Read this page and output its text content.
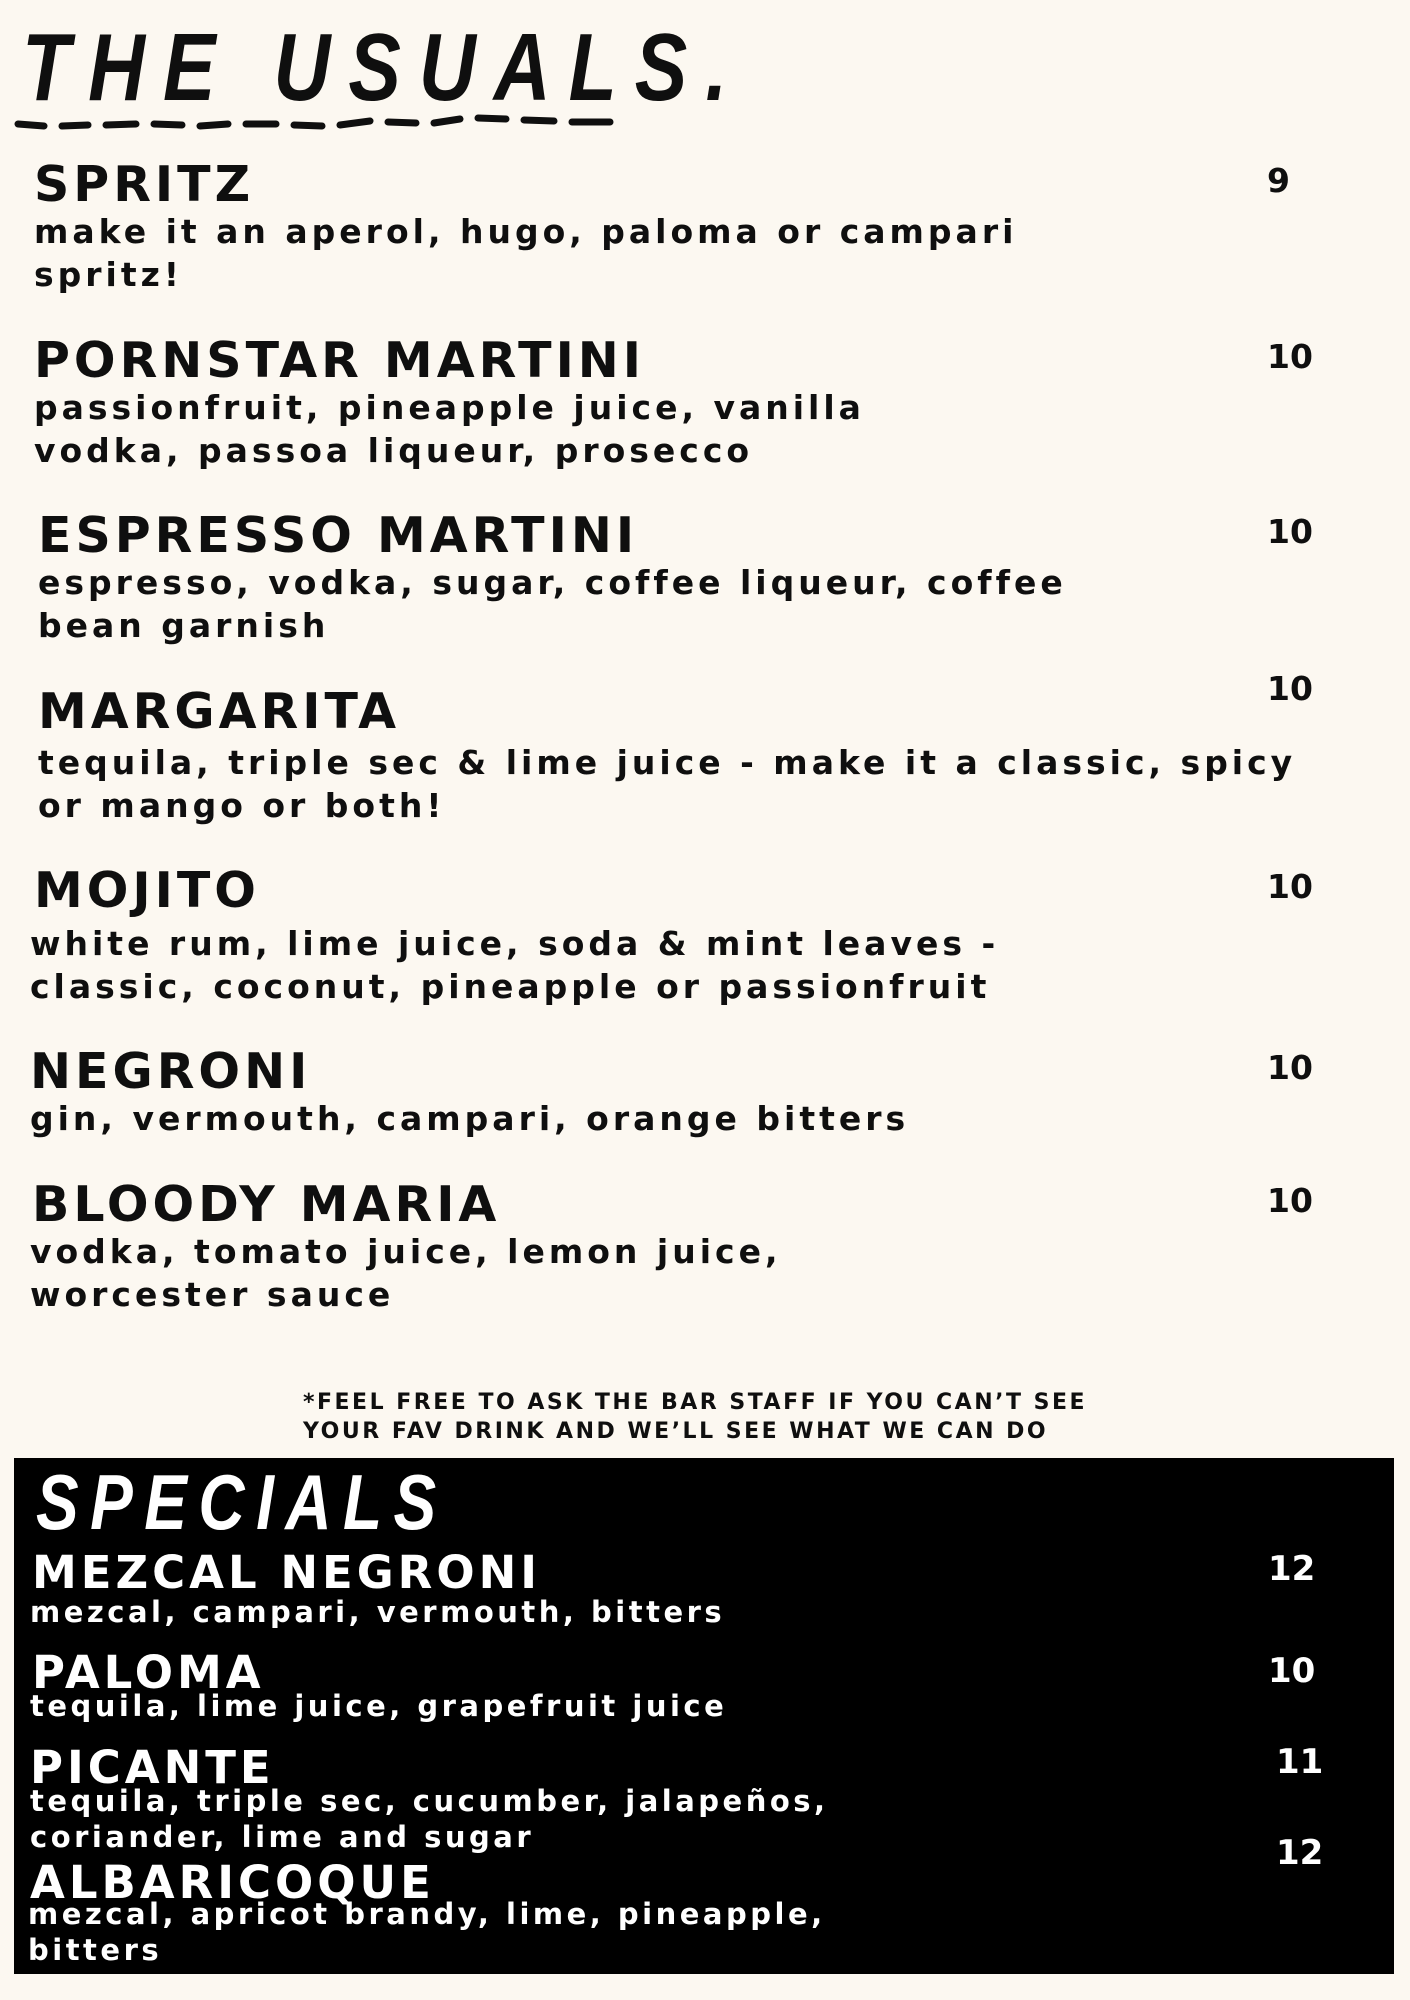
THE USUALS.
SPRITZ
make it an aperol, hugo, paloma or campari
spritz!
9
PORNSTAR MARTINI
passionfruit, pineapple juice, vanilla
vodka, passoa liqueur, prosecco
10
ESPRESSO MARTINI
espresso, vodka, sugar, coffee liqueur, coffee
bean garnish
10
MARGARITA
tequila, triple sec & lime juice - make it a classic, spicy
or mango or both!
10
MOJITO
white rum, lime juice, soda & mint leaves -
classic, coconut, pineapple or passionfruit
10
NEGRONI
gin, vermouth, campari, orange bitters
10
BLOODY MARIA
vodka, tomato juice, lemon juice,
worcester sauce
10
*FEEL FREE TO ASK THE BAR STAFF IF YOU CAN’T SEE
YOUR FAV DRINK AND WE’LL SEE WHAT WE CAN DO
SPECIALS
MEZCAL NEGRONI
mezcal, campari, vermouth, bitters
12
PALOMA
tequila, lime juice, grapefruit juice
10
PICANTE
tequila, triple sec, cucumber, jalapeños,
coriander, lime and sugar
11
ALBARICOQUE
mezcal, apricot brandy, lime, pineapple,
bitters
12
